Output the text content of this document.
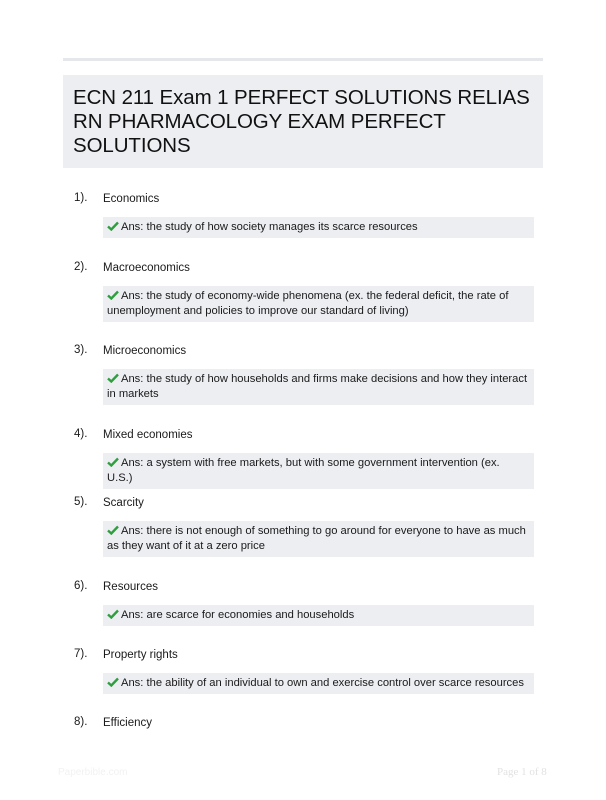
ECN 211 Exam 1 PERFECT SOLUTIONS RELIAS RN PHARMACOLOGY EXAM PERFECT SOLUTIONS
1). Economics
Ans: the study of how society manages its scarce resources
2). Macroeconomics
Ans: the study of economy-wide phenomena (ex. the federal deficit, the rate of unemployment and policies to improve our standard of living)
3). Microeconomics
Ans: the study of how households and firms make decisions and how they interact in markets
4). Mixed economies
Ans: a system with free markets, but with some government intervention (ex. U.S.)
5). Scarcity
Ans: there is not enough of something to go around for everyone to have as much as they want of it at a zero price
6). Resources
Ans: are scarce for economies and households
7). Property rights
Ans: the ability of an individual to own and exercise control over scarce resources
8). Efficiency
Paperbible.com	Page 1 of 8
